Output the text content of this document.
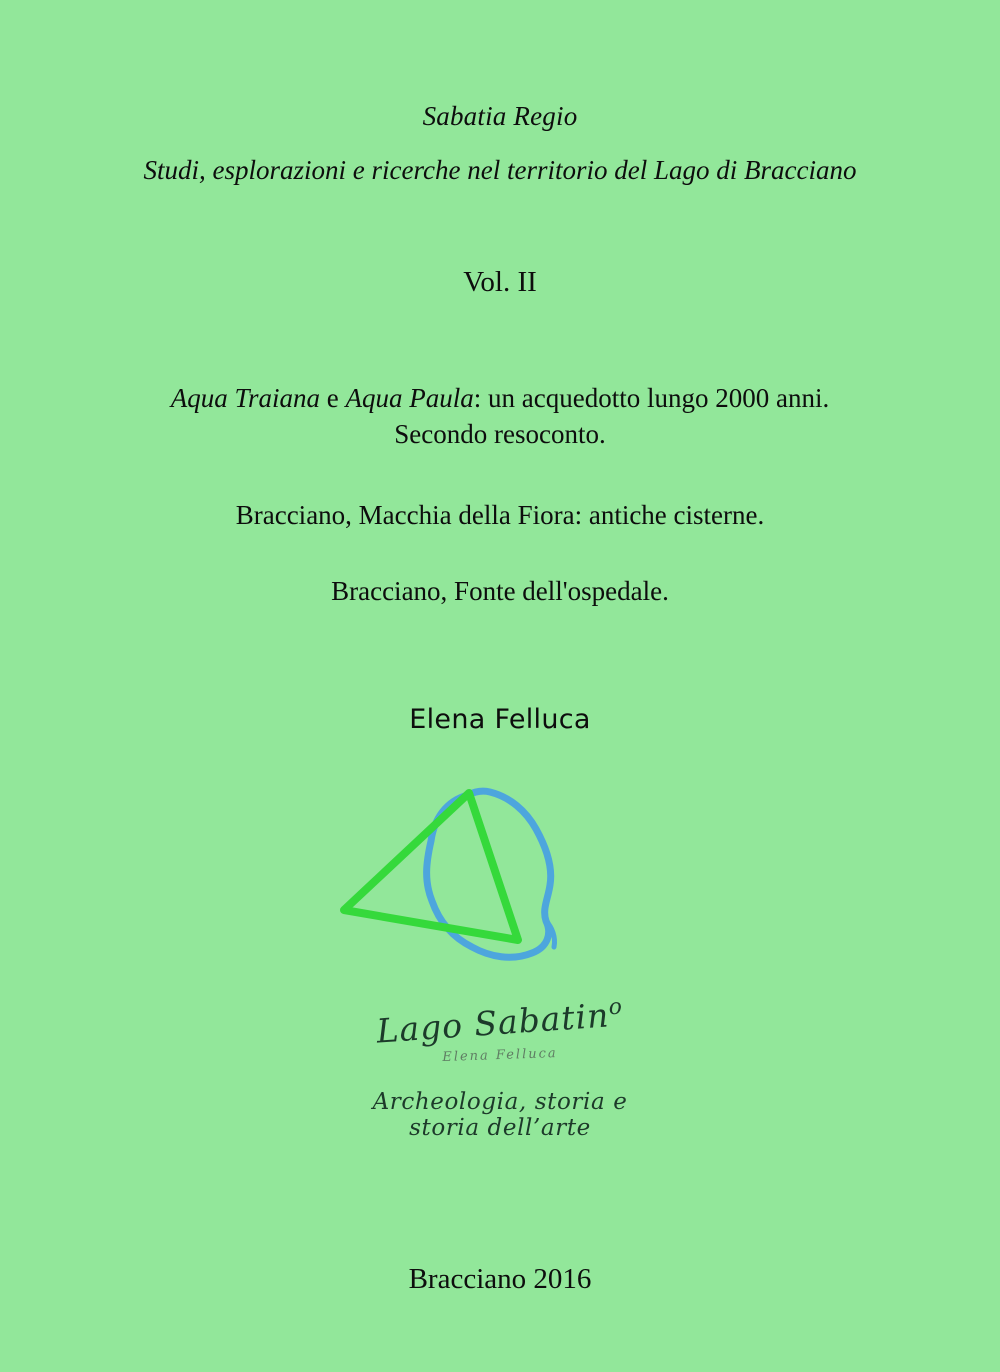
Sabatia Regio
Studi, esplorazioni e ricerche nel territorio del Lago di Bracciano
Vol. II
Aqua Traiana e Aqua Paula: un acquedotto lungo 2000 anni.
Secondo resoconto.
Bracciano, Macchia della Fiora: antiche cisterne.
Bracciano, Fonte dell'ospedale.
Elena Felluca
Lago Sabatin$^o$
Elena Felluca
Archeologia, storia e storia dell’arte
Bracciano 2016
